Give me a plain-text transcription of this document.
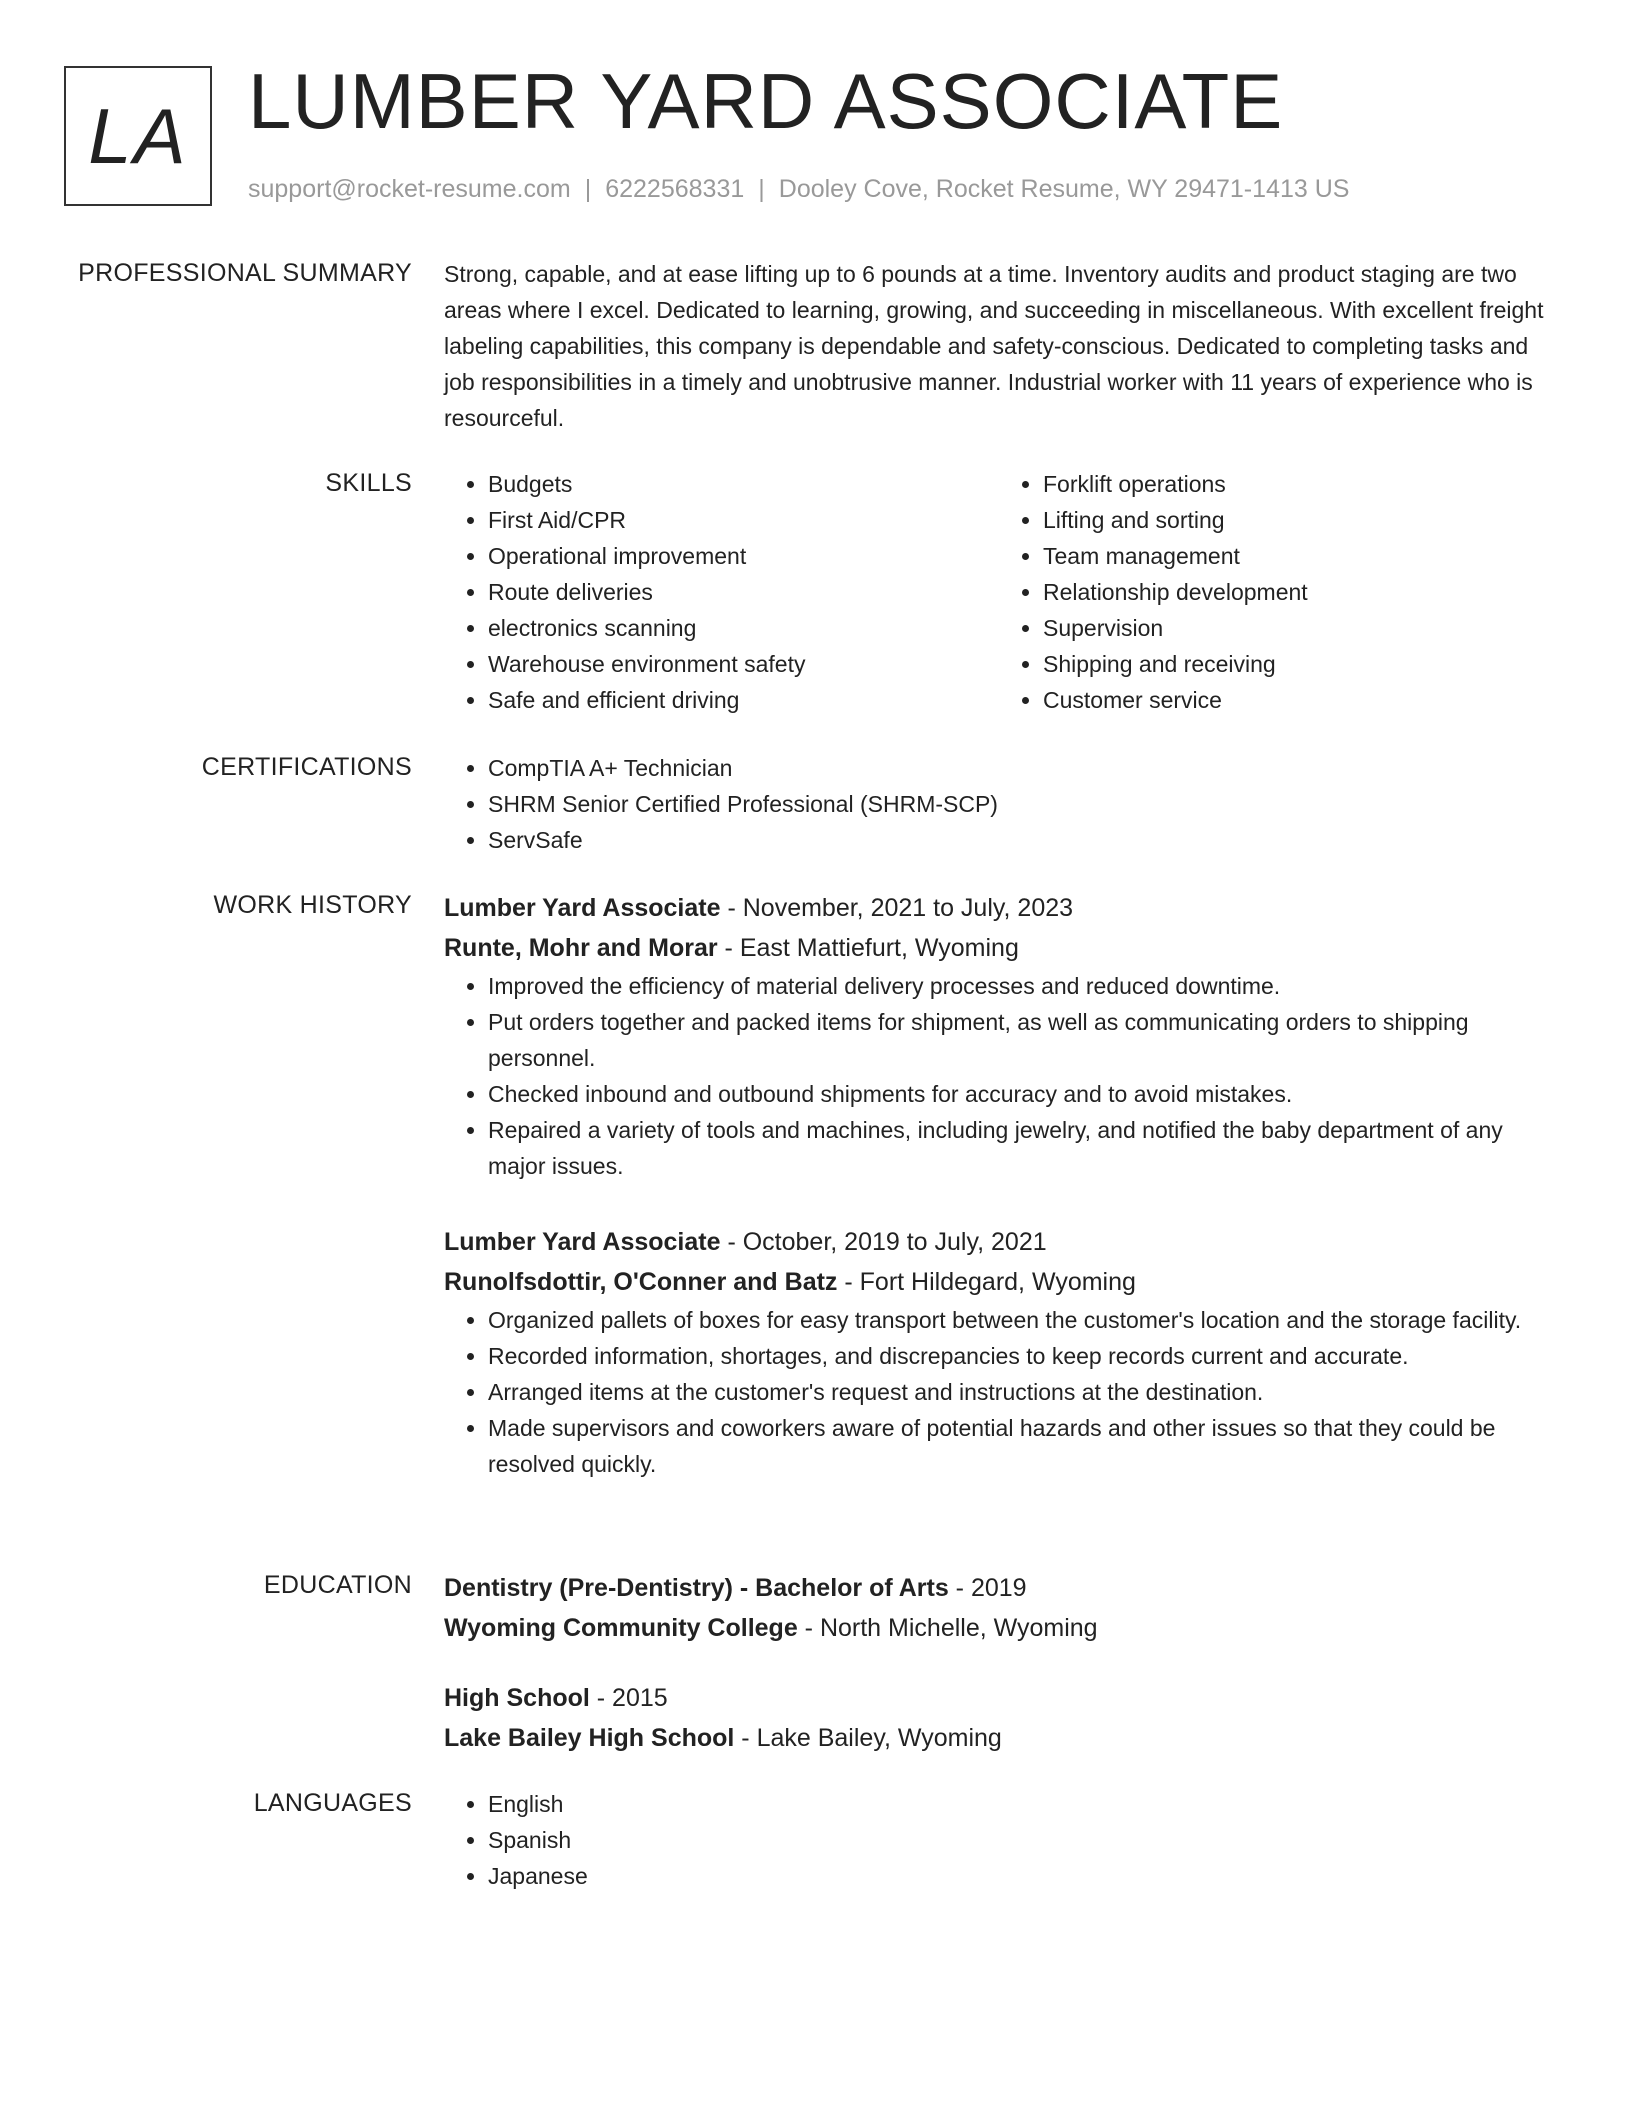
LA LUMBER YARD ASSOCIATE
support@rocket-resume.com | 6222568331 | Dooley Cove, Rocket Resume, WY 29471-1413 US
PROFESSIONAL SUMMARY Strong, capable, and at ease lifting up to 6 pounds at a time. Inventory audits and product staging are two areas where I excel. Dedicated to learning, growing, and succeeding in miscellaneous. With excellent freight labeling capabilities, this company is dependable and safety-conscious. Dedicated to completing tasks and job responsibilities in a timely and unobtrusive manner. Industrial worker with 11 years of experience who is resourceful.

SKILLS	• Budgets
• First Aid/CPR
• Operational improvement
• Route deliveries
• electronics scanning
• Warehouse environment safety
• Safe and efficient driving
• Forklift operations
• Lifting and sorting
• Team management
• Relationship development
• Supervision
• Shipping and receiving
• Customer service
CERTIFICATIONS	• CompTIA A+ Technician
• SHRM Senior Certified Professional (SHRM-SCP)
• ServSafe
WORK HISTORY Lumber Yard Associate - November, 2021 to July, 2023
Runte, Mohr and Morar - East Mattiefurt, Wyoming
• Improved the efficiency of material delivery processes and reduced downtime.
• Put orders together and packed items for shipment, as well as communicating orders to shipping personnel.
• Checked inbound and outbound shipments for accuracy and to avoid mistakes.
• Repaired a variety of tools and machines, including jewelry, and notified the baby department of any major issues.
Lumber Yard Associate - October, 2019 to July, 2021
Runolfsdottir, O'Conner and Batz - Fort Hildegard, Wyoming
• Organized pallets of boxes for easy transport between the customer's location and the storage facility.
• Recorded information, shortages, and discrepancies to keep records current and accurate.
• Arranged items at the customer's request and instructions at the destination.
• Made supervisors and coworkers aware of potential hazards and other issues so that they could be resolved quickly.
EDUCATION Dentistry (Pre-Dentistry) - Bachelor of Arts - 2019
Wyoming Community College - North Michelle, Wyoming
High School - 2015
Lake Bailey High School - Lake Bailey, Wyoming
LANGUAGES	• English
• Spanish
• Japanese
